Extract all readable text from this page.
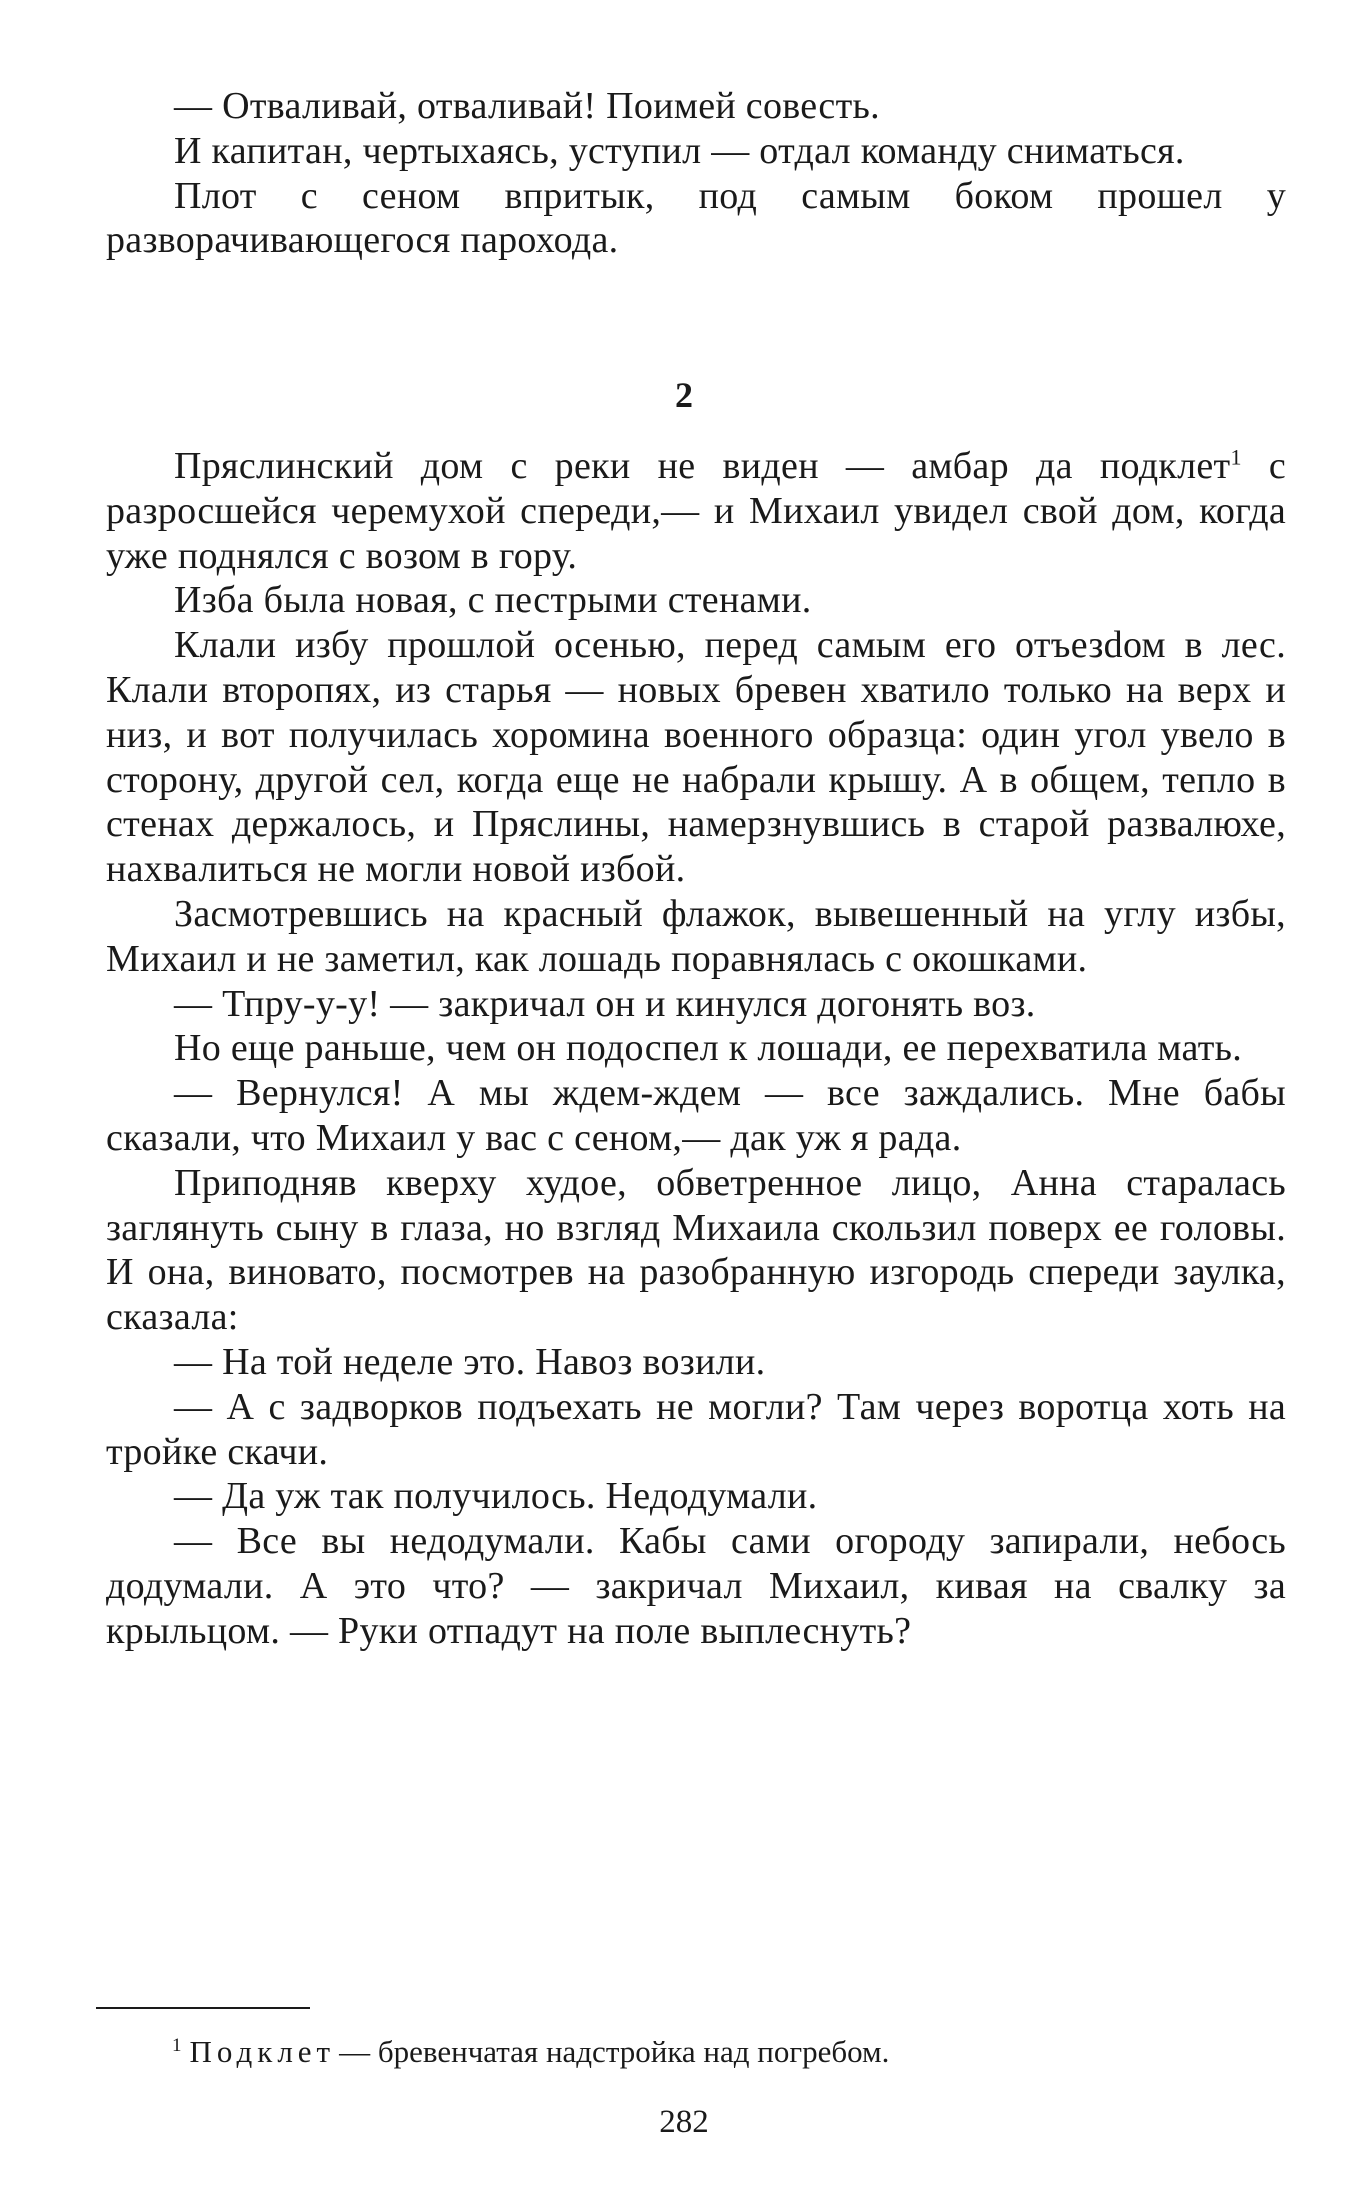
— Отваливай, отваливай! Поимей совесть.

И капитан, чертыхаясь, уступил — отдал команду сниматься.

Плот с сеном впритык, под самым боком прошел у разворачивающегося парохода.

2

Пряслинский дом с реки не виден — амбар да подклет$^1$ с разросшейся черемухой спереди,— и Михаил увидел свой дом, когда уже поднялся с возом в гору.

Изба была новая, с пестрыми стенами.

Клали избу прошлой осенью, перед самым его отъезdом в лес. Клали второпях, из старья — новых бревен хватило только на верх и низ, и вот получилась хоромина военного образца: один угол увело в сторону, другой сел, когда еще не набрали крышу. А в общем, тепло в стенах держалось, и Пряслины, намерзнувшись в старой развалюхе, нахвалиться не могли новой избой.

Засмотревшись на красный флажок, вывешенный на углу избы, Михаил и не заметил, как лошадь поравнялась с окошками.

— Тпру-у-у! — закричал он и кинулся догонять воз.

Но еще раньше, чем он подоспел к лошади, ее перехватила мать.

— Вернулся! А мы ждем-ждем — все заждались. Мне бабы сказали, что Михаил у вас с сеном,— дак уж я рада.

Приподняв кверху худое, обветренное лицо, Анна старалась заглянуть сыну в глаза, но взгляд Михаила скользил поверх ее головы. И она, виновато, посмотрев на разобранную изгородь спереди заулка, сказала:

— На той неделе это. Навоз возили.

— А с задворков подъехать не могли? Там через воротца хоть на тройке скачи.

— Да уж так получилось. Недодумали.

— Все вы недодумали. Кабы сами огороду запирали, небось додумали. А это что? — закричал Михаил, кивая на свалку за крыльцом. — Руки отпадут на поле выплеснуть?

$^1$ Подклет — бревенчатая надстройка над погребом.
282
